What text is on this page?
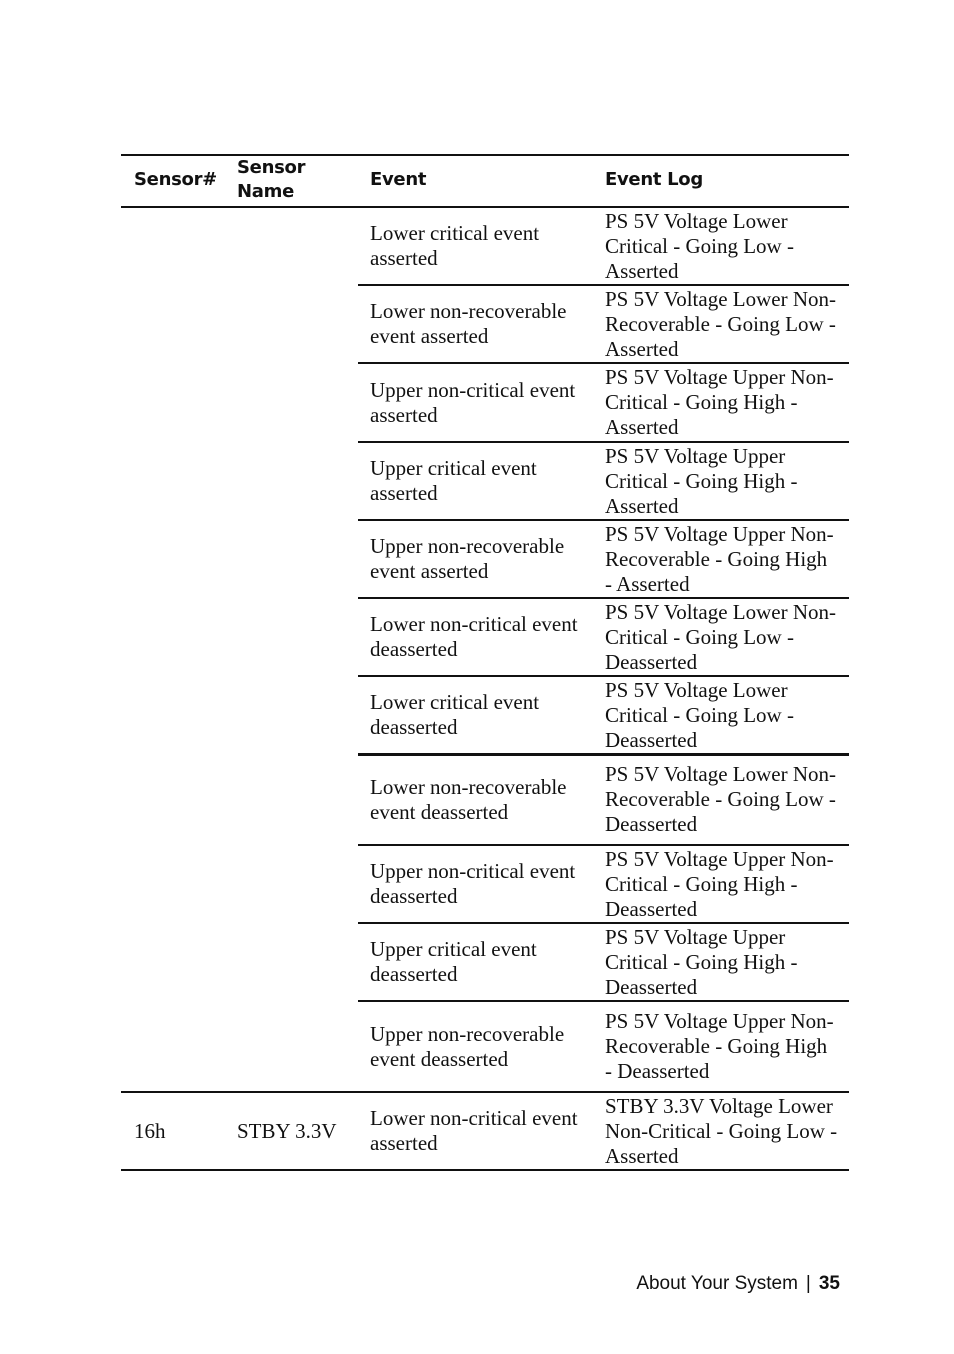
Sensor#
Sensor
Name
Event	Event Log
Lower critical event
asserted
PS 5V Voltage Lower
Critical - Going Low -
Asserted
Lower non-recoverable
event asserted
PS 5V Voltage Lower Non-
Recoverable - Going Low -
Asserted
Upper non-critical event
asserted
PS 5V Voltage Upper Non-
Critical - Going High -
Asserted
Upper critical event
asserted
PS 5V Voltage Upper
Critical - Going High -
Asserted
Upper non-recoverable
event asserted
PS 5V Voltage Upper Non-
Recoverable - Going High
- Asserted
Lower non-critical event
deasserted
PS 5V Voltage Lower Non-
Critical - Going Low -
Deasserted
Lower critical event
deasserted
PS 5V Voltage Lower
Critical - Going Low -
Deasserted
Lower non-recoverable
event deasserted
PS 5V Voltage Lower Non-
Recoverable - Going Low -
Deasserted
Upper non-critical event
deasserted
PS 5V Voltage Upper Non-
Critical - Going High -
Deasserted
Upper critical event
deasserted
PS 5V Voltage Upper
Critical - Going High -
Deasserted
Upper non-recoverable
event deasserted
PS 5V Voltage Upper Non-
Recoverable - Going High
- Deasserted
16h	STBY 3.3V
Lower non-critical event
asserted
STBY 3.3V Voltage Lower
Non-Critical - Going Low -
Asserted
About Your System | 35
